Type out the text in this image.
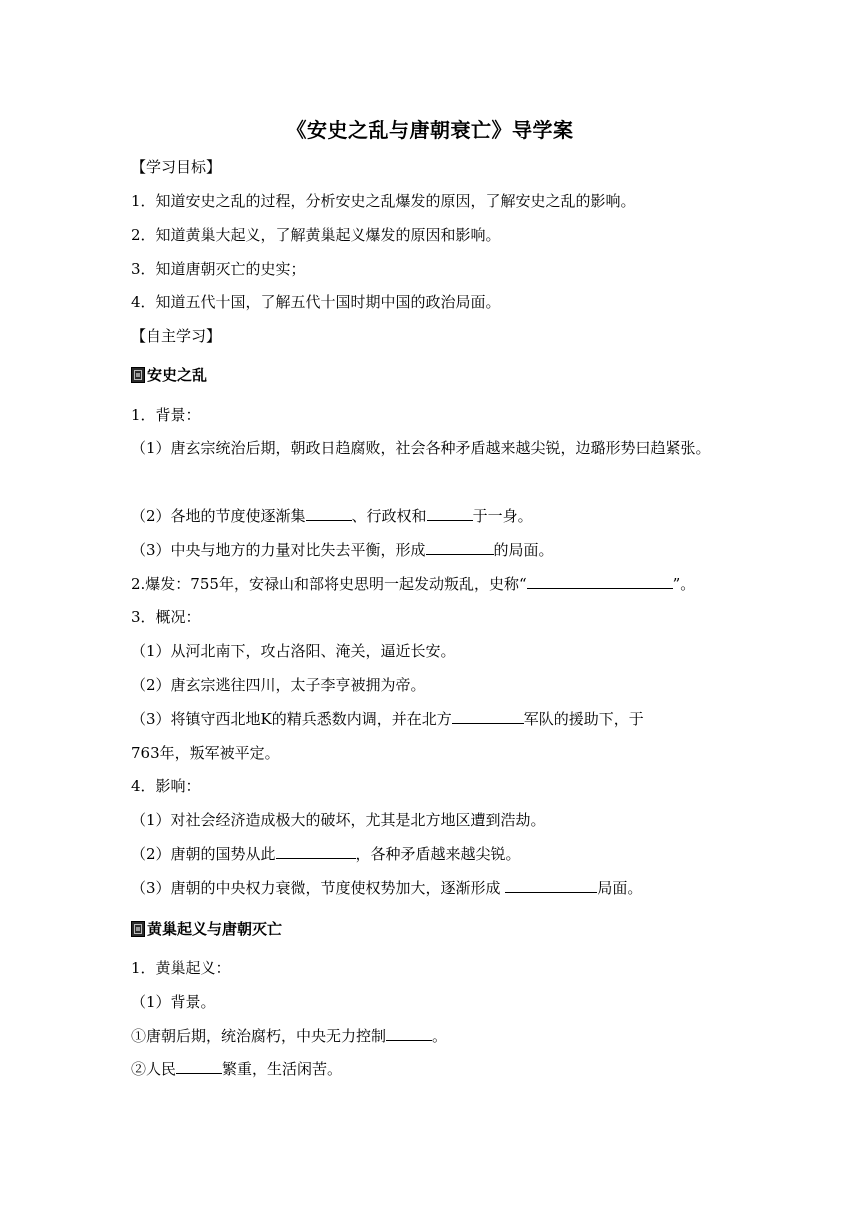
《安史之乱与唐朝衰亡》导学案
【学习目标】
1．知道安史之乱的过程，分析安史之乱爆发的原因，了解安史之乱的影响。
2．知道黄巢大起义，了解黄巢起义爆发的原因和影响。
3．知道唐朝灭亡的史实；
4．知道五代十国，了解五代十国时期中国的政治局面。
【自主学习】
安史之乱
1．背景：
（1）唐玄宗统治后期，朝政日趋腐败，社会各种矛盾越来越尖锐，边璐形势曰趋紧张。
（2）各地的节度使逐渐集	、行政权和	于一身。
（3）中央与地方的力量对比失去平衡，形成	的局面。
2.爆发：755年，安禄山和部将史思明一起发动叛乱，史称“	”。
3．概况：
（1）从河北南下，攻占洛阳、淹关，逼近长安。
（2）唐玄宗逃往四川，太子李亨被拥为帝。
（3）将镇守西北地K的精兵悉数内调，并在北方	军队的援助下，于
763年，叛军被平定。
4．影响：
（1）对社会经济造成极大的破坏，尤其是北方地区遭到浩劫。
（2）唐朝的国势从此	，各种矛盾越来越尖锐。
（3）唐朝的中央权力衰微，节度使权势加大，逐渐形成	局面。
黄巢起义与唐朝灭亡
1．黄巢起义：
（1）背景。
①唐朝后期，统治腐朽，中央无力控制	。
②人民	繁重，生活闲苦。
